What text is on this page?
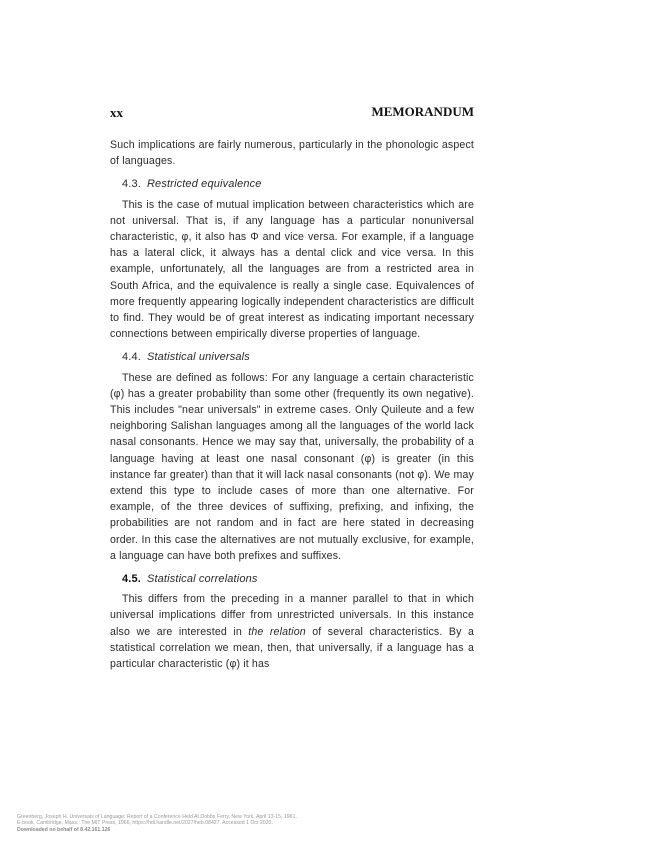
xx	MEMORANDUM

Such implications are fairly numerous, particularly in the phonologic aspect of languages.

4.3. Restricted equivalence

This is the case of mutual implication between characteristics which are not universal. That is, if any language has a particular nonuniversal characteristic, φ, it also has Φ and vice versa. For example, if a language has a lateral click, it always has a dental click and vice versa. In this example, unfortunately, all the languages are from a restricted area in South Africa, and the equivalence is really a single case. Equivalences of more frequently appearing logically independent characteristics are difficult to find. They would be of great interest as indicating important necessary connections between empirically diverse properties of language.

4.4. Statistical universals

These are defined as follows: For any language a certain characteristic (φ) has a greater probability than some other (frequently its own negative). This includes "near universals" in extreme cases. Only Quileute and a few neighboring Salishan languages among all the languages of the world lack nasal consonants. Hence we may say that, universally, the probability of a language having at least one nasal consonant (φ) is greater (in this instance far greater) than that it will lack nasal consonants (not φ). We may extend this type to include cases of more than one alternative. For example, of the three devices of suffixing, prefixing, and infixing, the probabilities are not random and in fact are here stated in decreasing order. In this case the alternatives are not mutually exclusive, for example, a language can have both prefixes and suffixes.

4.5. Statistical correlations

This differs from the preceding in a manner parallel to that in which universal implications differ from unrestricted universals. In this instance also we are interested in the relation of several characteristics. By a statistical correlation we mean, then, that universally, if a language has a particular characteristic (φ) it has

Greenberg, Joseph H. Universals of Language: Report of a Conference Held At Dobbs Ferry, New York, April 13-15, 1961.
E-book, Cambridge, Mass.: The MIT Press, 1966, https://hdl.handle.net/2027/heb.08427. Accessed 1 Oct 2020.
Downloaded on behalf of 8.42.161.126
